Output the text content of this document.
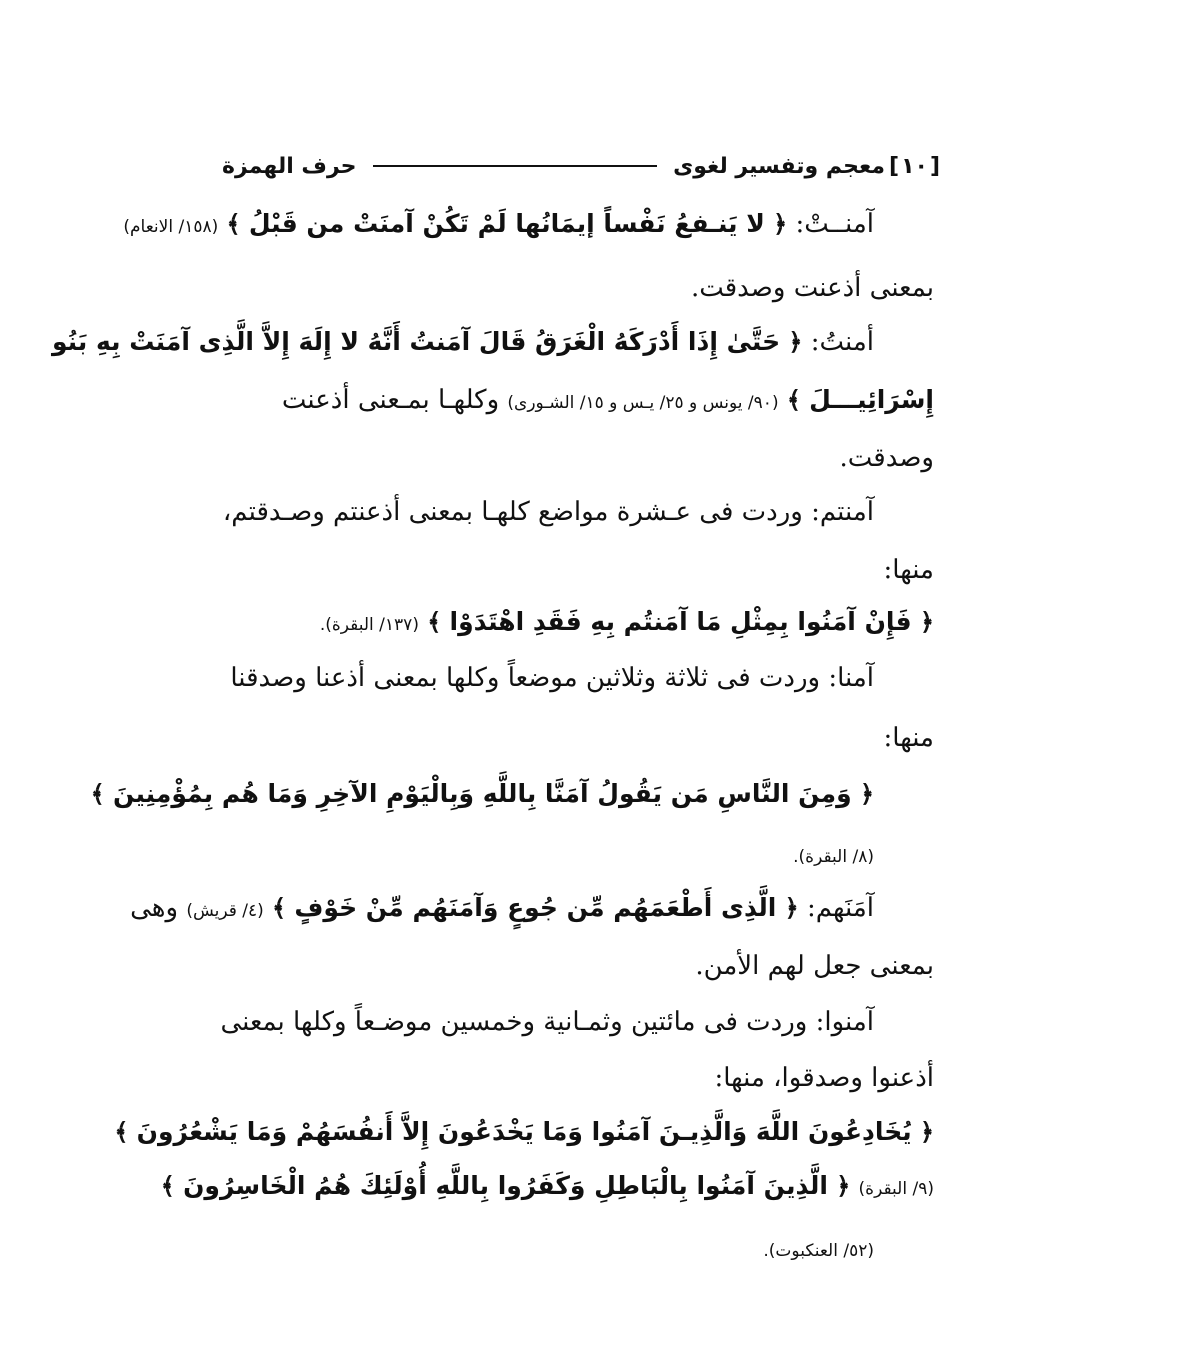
[
١٠
]
معجم وتفسير لغوى
حرف الهمزة
آمنــتْ: ﴿ لا يَنـفعُ نَفْساً إيمَانُها لَمْ تَكُنْ آمنَتْ من قَبْلُ ﴾ (١٥٨/ الانعام)
بمعنى أذعنت وصدقت.
أمنتُ: ﴿ حَتَّىٰ إِذَا أَدْرَكَهُ الْغَرَقُ قَالَ آمَنتُ أَنَّهُ لا إِلَهَ إِلاَّ الَّذِى آمَنَتْ بِهِ بَنُو
إِسْرَائِيـــلَ ﴾ (٩٠/ يونس و ٢٥/ يـس و ١٥/ الشـورى) وكلهـا بمـعنى أذعنت
وصدقت.
آمنتم: وردت فى عـشرة مواضع كلهـا بمعنى أذعنتم وصـدقتم،
منها:
﴿ فَإِنْ آمَنُوا بِمِثْلِ مَا آمَنتُم بِهِ فَقَدِ اهْتَدَوْا ﴾ (١٣٧/ البقرة).
آمنا: وردت فى ثلاثة وثلاثين موضعاً وكلها بمعنى أذعنا وصدقنا
منها:
﴿ وَمِنَ النَّاسِ مَن يَقُولُ آمَنَّا بِاللَّهِ وَبِالْيَوْمِ الآخِرِ وَمَا هُم بِمُؤْمِنِينَ ﴾
(٨/ البقرة).
آمَنَهم: ﴿ الَّذِى أَطْعَمَهُم مِّن جُوعٍ وَآمَنَهُم مِّنْ خَوْفٍ ﴾ (٤/ قريش) وهى
بمعنى جعل لهم الأمن.
آمنوا: وردت فى مائتين وثمـانية وخمسين موضـعاً وكلها بمعنى
أذعنوا وصدقوا، منها:
﴿ يُخَادِعُونَ اللَّهَ وَالَّذِيـنَ آمَنُوا وَمَا يَخْدَعُونَ إِلاَّ أَنفُسَهُمْ وَمَا يَشْعُرُونَ ﴾
(٩/ البقرة) ﴿ الَّذِينَ آمَنُوا بِالْبَاطِلِ وَكَفَرُوا بِاللَّهِ أُوْلَئِكَ هُمُ الْخَاسِرُونَ ﴾
(٥٢/ العنكبوت).
